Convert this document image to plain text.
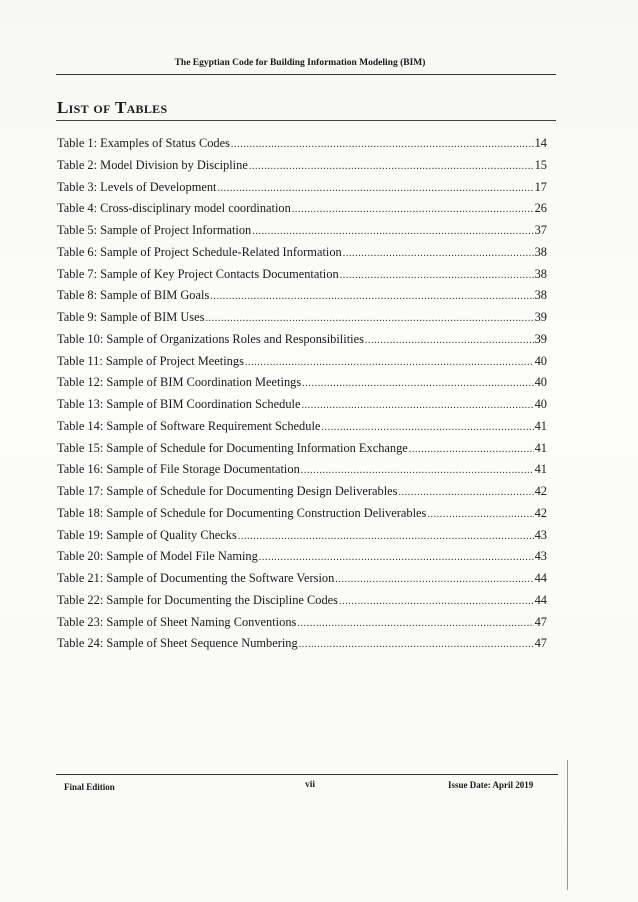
The Egyptian Code for Building Information Modeling (BIM)
List of Tables
Table 1: Examples of Status Codes .....	14
Table 2: Model Division by Discipline .....	15
Table 3: Levels of Development .....	17
Table 4: Cross-disciplinary model coordination .....	26
Table 5: Sample of Project Information .....	37
Table 6: Sample of Project Schedule-Related Information .....	38
Table 7: Sample of Key Project Contacts Documentation .....	38
Table 8: Sample of BIM Goals .....	38
Table 9: Sample of BIM Uses .....	39
Table 10: Sample of Organizations Roles and Responsibilities .....	39
Table 11: Sample of Project Meetings .....	40
Table 12: Sample of BIM Coordination Meetings .....	40
Table 13: Sample of BIM Coordination Schedule .....	40
Table 14: Sample of Software Requirement Schedule .....	41
Table 15: Sample of Schedule for Documenting Information Exchange .....	41
Table 16: Sample of File Storage Documentation .....	41
Table 17: Sample of Schedule for Documenting Design Deliverables .....	42
Table 18: Sample of Schedule for Documenting Construction Deliverables .....	42
Table 19: Sample of Quality Checks .....	43
Table 20: Sample of Model File Naming .....	43
Table 21: Sample of Documenting the Software Version .....	44
Table 22: Sample for Documenting the Discipline Codes .....	44
Table 23: Sample of Sheet Naming Conventions .....	47
Table 24: Sample of Sheet Sequence Numbering .....	47
Final Edition	vii	Issue Date: April 2019
